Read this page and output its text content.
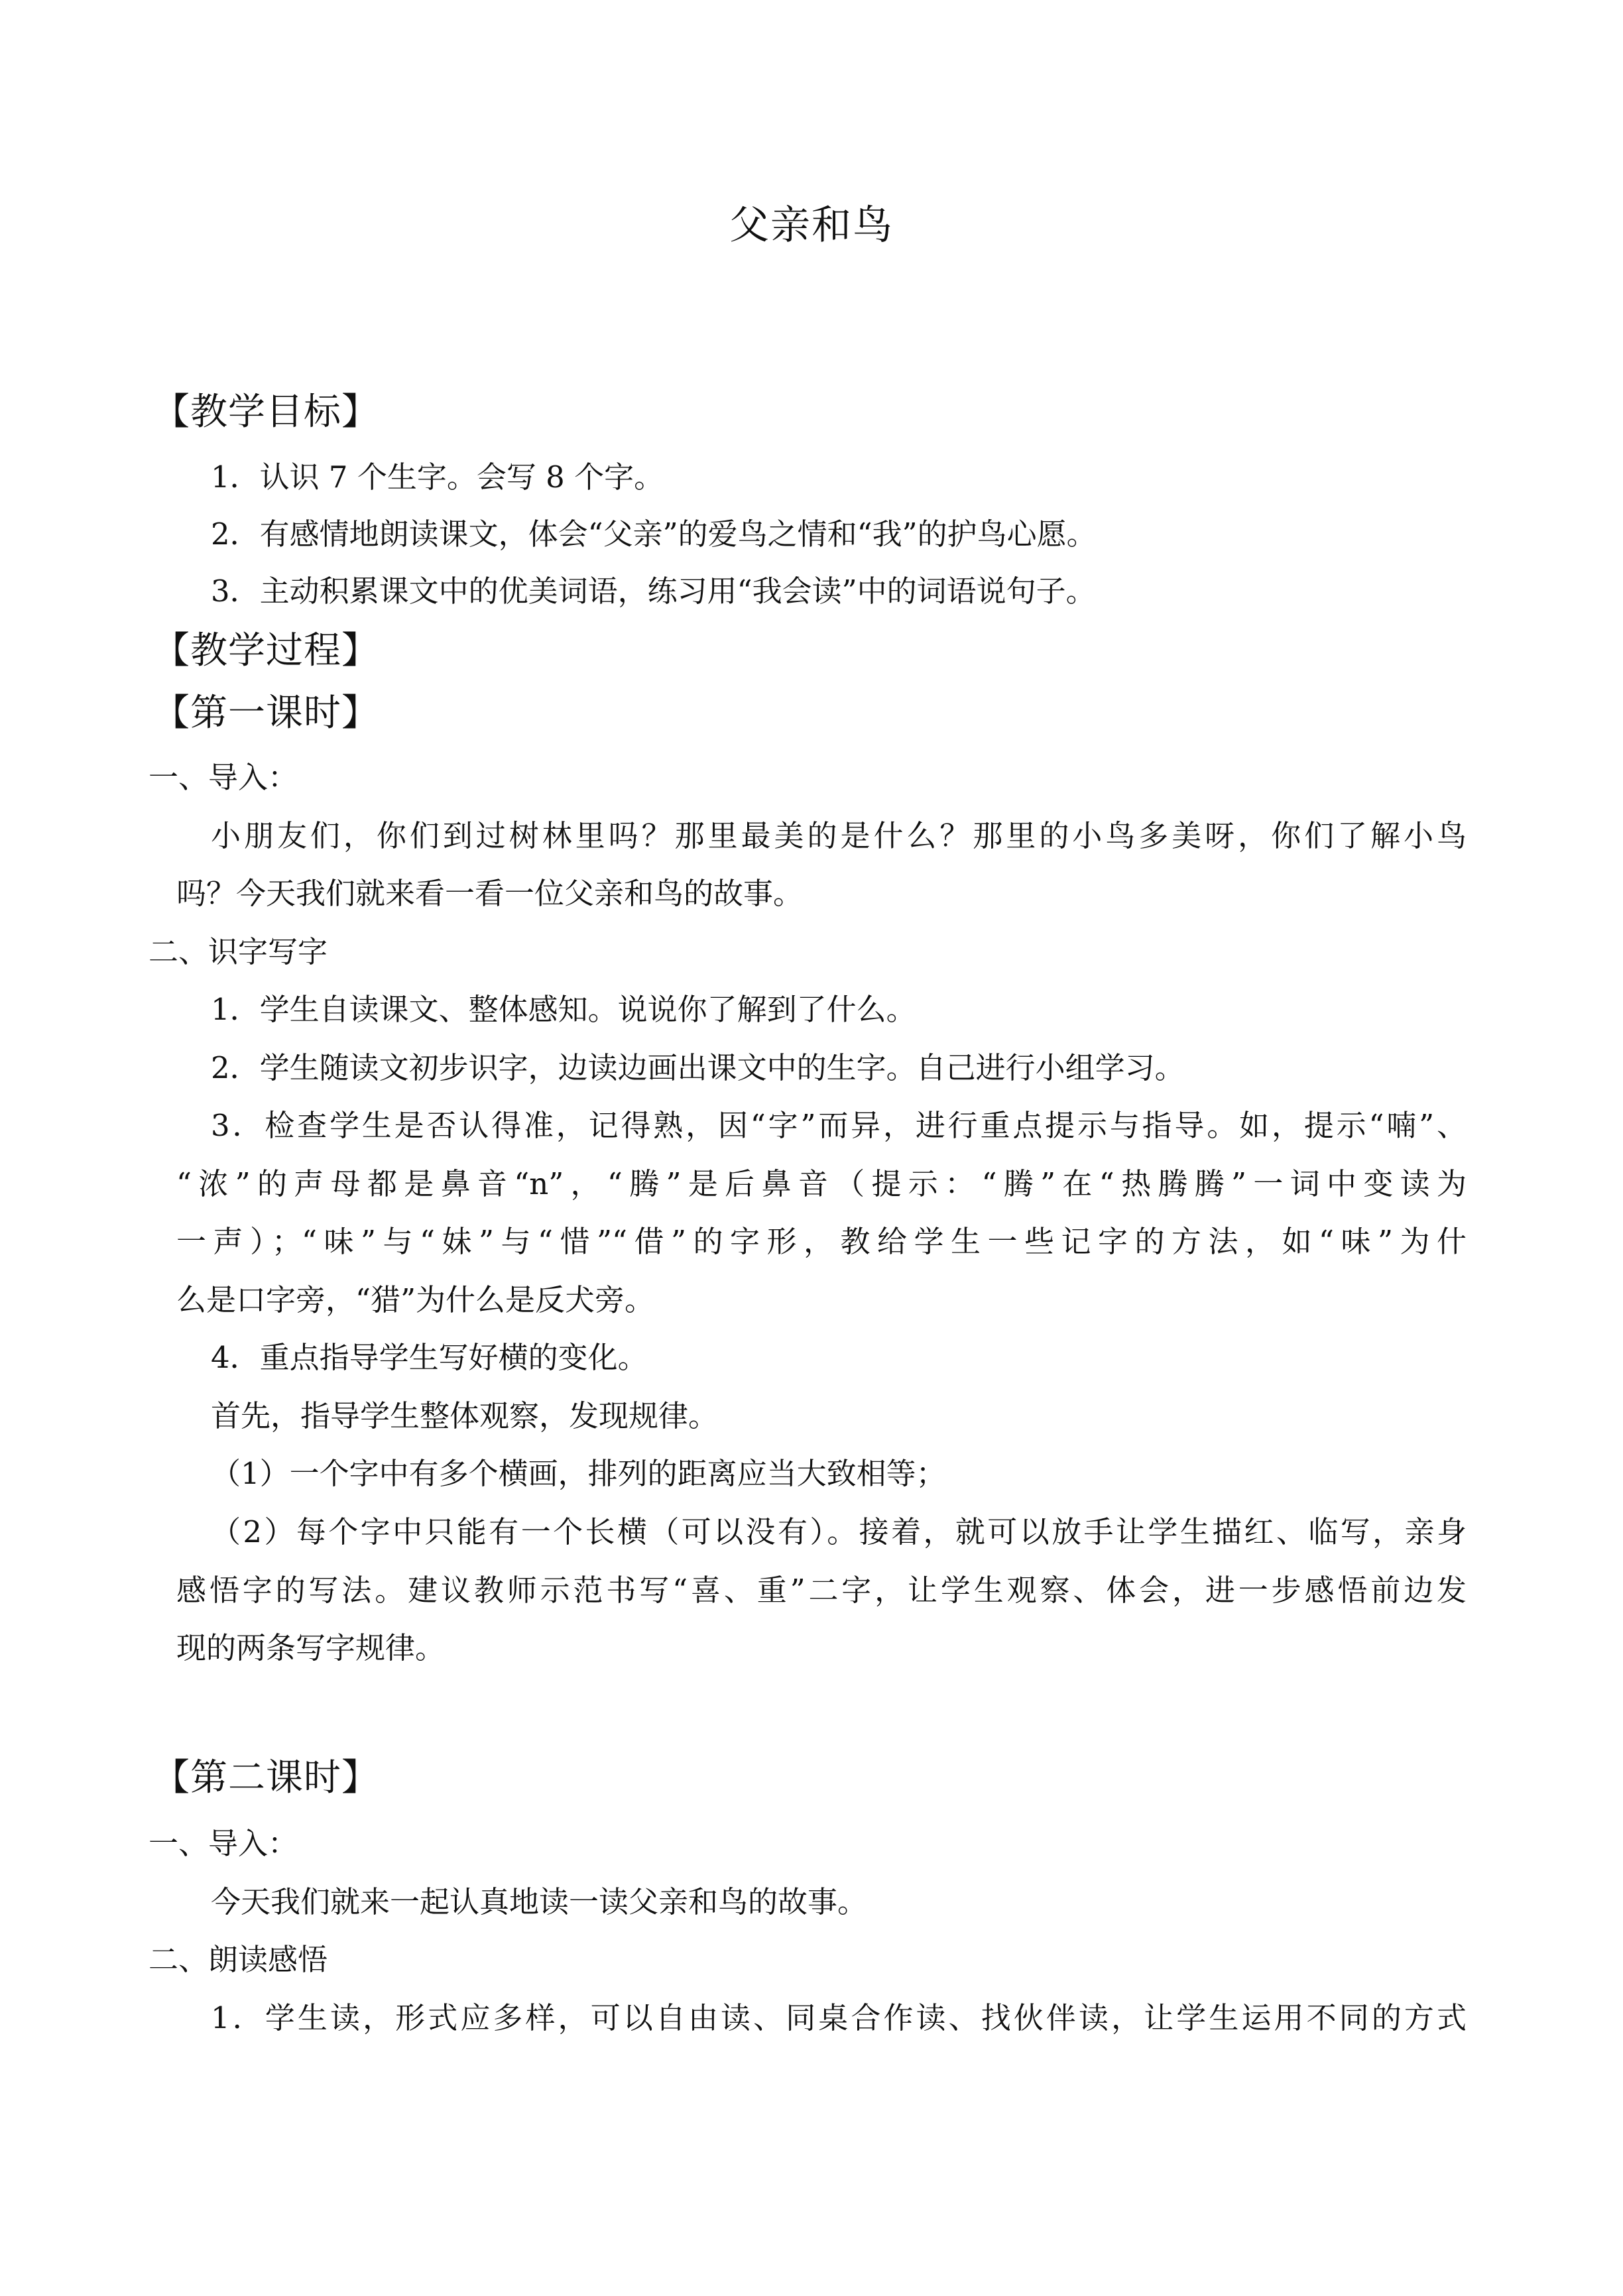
父亲和鸟
【教学目标】
1．认识 7 个生字。会写 8 个字。
2．有感情地朗读课文，体会“父亲”的爱鸟之情和“我”的护鸟心愿。
3．主动积累课文中的优美词语，练习用“我会读”中的词语说句子。
【教学过程】
【第一课时】
一、导入：
小朋友们，你们到过树林里吗？那里最美的是什么？那里的小鸟多美呀，你们了解小鸟
吗？今天我们就来看一看一位父亲和鸟的故事。
二、识字写字
1．学生自读课文、整体感知。说说你了解到了什么。
2．学生随读文初步识字，边读边画出课文中的生字。自己进行小组学习。
3．检查学生是否认得准，记得熟，因“字”而异，进行重点提示与指导。如，提示“喃”、
“浓”的声母都是鼻音“n”，“腾”是后鼻音（提示：“腾”在“热腾腾”一词中变读为
一声）；“味”与“妹”与“惜”“借”的字形，教给学生一些记字的方法，如“味”为什
么是口字旁，“猎”为什么是反犬旁。
4．重点指导学生写好横的变化。
首先，指导学生整体观察，发现规律。
（1）一个字中有多个横画，排列的距离应当大致相等；
（2）每个字中只能有一个长横（可以没有）。接着，就可以放手让学生描红、临写，亲身
感悟字的写法。建议教师示范书写“喜、重”二字，让学生观察、体会，进一步感悟前边发
现的两条写字规律。
【第二课时】
一、导入：
今天我们就来一起认真地读一读父亲和鸟的故事。
二、朗读感悟
1．学生读，形式应多样，可以自由读、同桌合作读、找伙伴读，让学生运用不同的方式
